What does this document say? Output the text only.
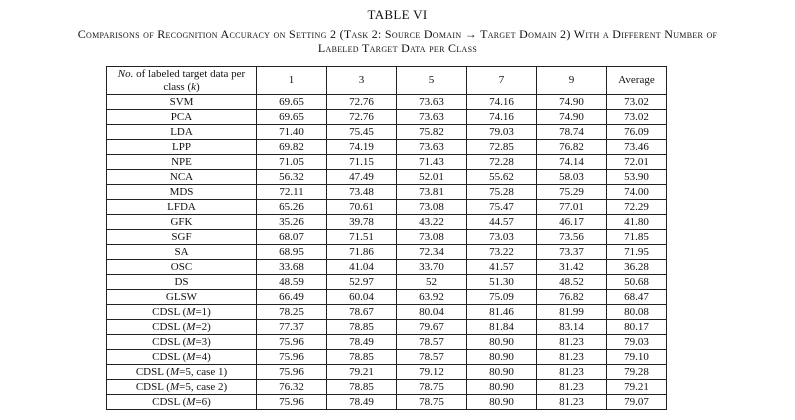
TABLE VI
Comparisons of Recognition Accuracy on Setting 2 (Task 2: Source Domain → Target Domain 2) With a Different Number of
Labeled Target Data per Class
No. of labeled target data per class (k)	1	3	5	7	9	Average
SVM	69.65	72.76	73.63	74.16	74.90	73.02
PCA	69.65	72.76	73.63	74.16	74.90	73.02
LDA	71.40	75.45	75.82	79.03	78.74	76.09
LPP	69.82	74.19	73.63	72.85	76.82	73.46
NPE	71.05	71.15	71.43	72.28	74.14	72.01
NCA	56.32	47.49	52.01	55.62	58.03	53.90
MDS	72.11	73.48	73.81	75.28	75.29	74.00
LFDA	65.26	70.61	73.08	75.47	77.01	72.29
GFK	35.26	39.78	43.22	44.57	46.17	41.80
SGF	68.07	71.51	73.08	73.03	73.56	71.85
SA	68.95	71.86	72.34	73.22	73.37	71.95
OSC	33.68	41.04	33.70	41.57	31.42	36.28
DS	48.59	52.97	52	51.30	48.52	50.68
GLSW	66.49	60.04	63.92	75.09	76.82	68.47
CDSL (M=1)	78.25	78.67	80.04	81.46	81.99	80.08
CDSL (M=2)	77.37	78.85	79.67	81.84	83.14	80.17
CDSL (M=3)	75.96	78.49	78.57	80.90	81.23	79.03
CDSL (M=4)	75.96	78.85	78.57	80.90	81.23	79.10
CDSL (M=5, case 1)	75.96	79.21	79.12	80.90	81.23	79.28
CDSL (M=5, case 2)	76.32	78.85	78.75	80.90	81.23	79.21
CDSL (M=6)	75.96	78.49	78.75	80.90	81.23	79.07
